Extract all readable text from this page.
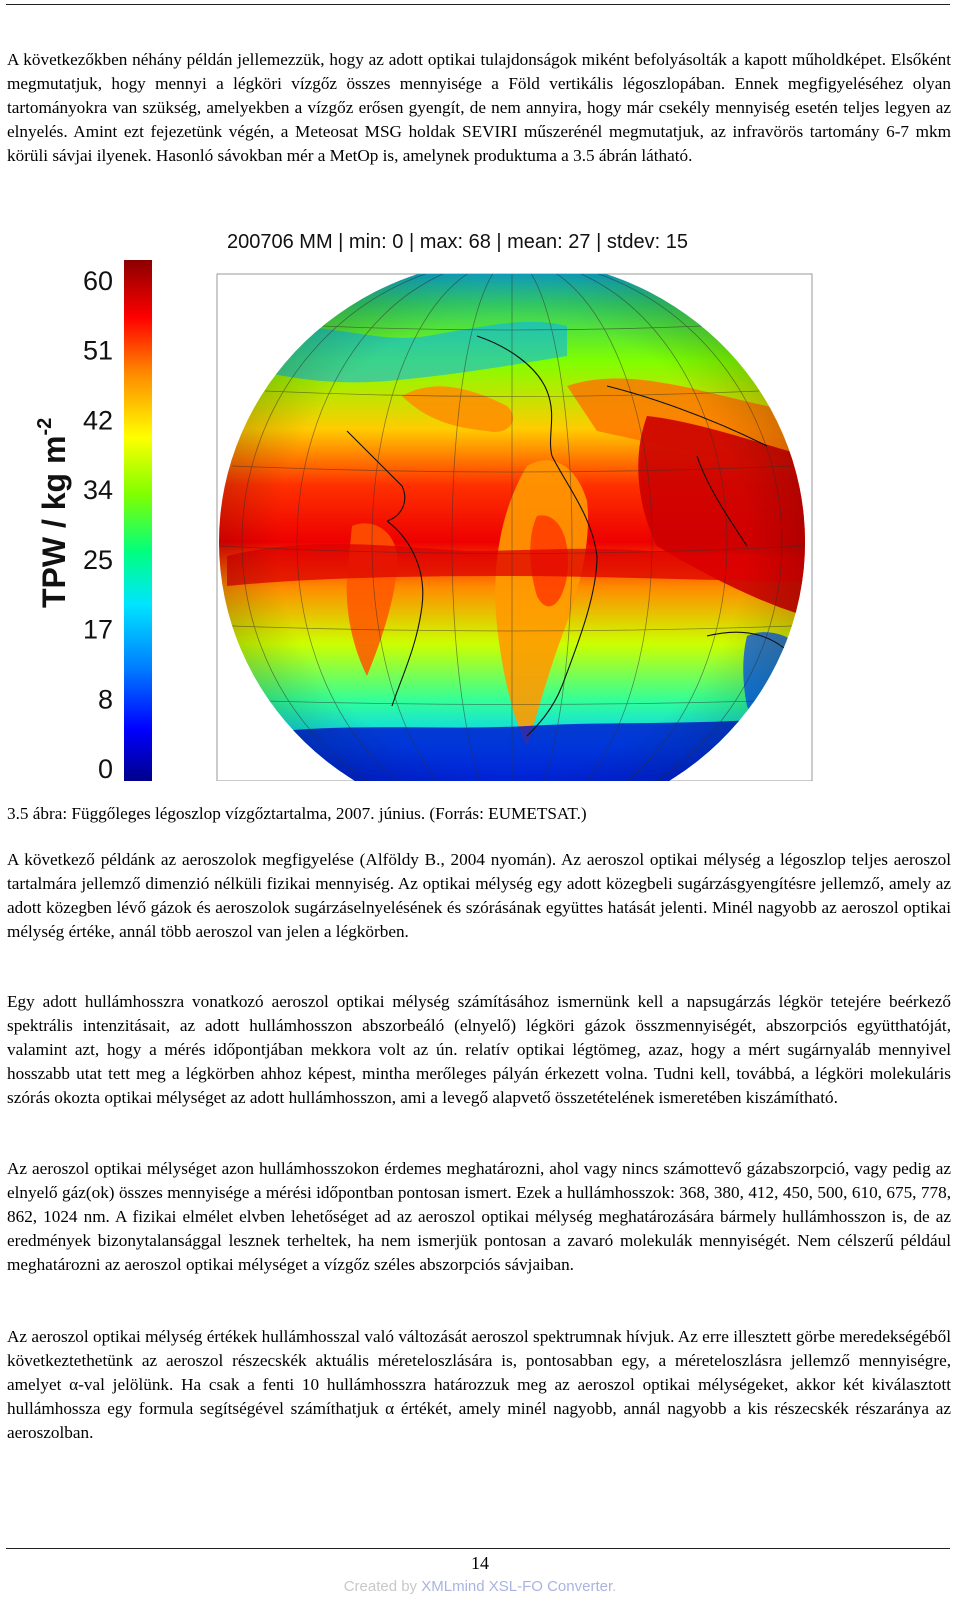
A következőkben néhány példán jellemezzük, hogy az adott optikai tulajdonságok miként befolyásolták a kapott műholdképet. Elsőként megmutatjuk, hogy mennyi a légköri vízgőz összes mennyisége a Föld vertikális légoszlopában. Ennek megfigyeléséhez olyan tartományokra van szükség, amelyekben a vízgőz erősen gyengít, de nem annyira, hogy már csekély mennyiség esetén teljes legyen az elnyelés. Amint ezt fejezetünk végén, a Meteosat MSG holdak SEVIRI műszerénél megmutatjuk, az infravörös tartomány 6-7 mkm körüli sávjai ilyenek. Hasonló sávokban mér a MetOp is, amelynek produktuma a 3.5 ábrán látható.

200706 MM | min: 0 | max: 68 | mean: 27 | stdev: 15
60
51
42
34
25
17
8
0
TPW / kg $m^{-2}$

3.5 ábra: Függőleges légoszlop vízgőztartalma, 2007. június. (Forrás: EUMETSAT.)

A következő példánk az aeroszolok megfigyelése (Alföldy B., 2004 nyomán). Az aeroszol optikai mélység a légoszlop teljes aeroszol tartalmára jellemző dimenzió nélküli fizikai mennyiség. Az optikai mélység egy adott közegbeli sugárzásgyengítésre jellemző, amely az adott közegben lévő gázok és aeroszolok sugárzáselnyelésének és szórásának együttes hatását jelenti. Minél nagyobb az aeroszol optikai mélység értéke, annál több aeroszol van jelen a légkörben.

Egy adott hullámhosszra vonatkozó aeroszol optikai mélység számításához ismernünk kell a napsugárzás légkör tetejére beérkező spektrális intenzitásait, az adott hullámhosszon abszorbeáló (elnyelő) légköri gázok összmennyiségét, abszorpciós együtthatóját, valamint azt, hogy a mérés időpontjában mekkora volt az ún. relatív optikai légtömeg, azaz, hogy a mért sugárnyaláb mennyivel hosszabb utat tett meg a légkörben ahhoz képest, mintha merőleges pályán érkezett volna. Tudni kell, továbbá, a légköri molekuláris szórás okozta optikai mélységet az adott hullámhosszon, ami a levegő alapvető összetételének ismeretében kiszámítható.

Az aeroszol optikai mélységet azon hullámhosszokon érdemes meghatározni, ahol vagy nincs számottevő gázabszorpció, vagy pedig az elnyelő gáz(ok) összes mennyisége a mérési időpontban pontosan ismert. Ezek a hullámhosszok: 368, 380, 412, 450, 500, 610, 675, 778, 862, 1024 nm. A fizikai elmélet elvben lehetőséget ad az aeroszol optikai mélység meghatározására bármely hullámhosszon is, de az eredmények bizonytalansággal lesznek terheltek, ha nem ismerjük pontosan a zavaró molekulák mennyiségét. Nem célszerű például meghatározni az aeroszol optikai mélységet a vízgőz széles abszorpciós sávjaiban.

Az aeroszol optikai mélység értékek hullámhosszal való változását aeroszol spektrumnak hívjuk. Az erre illesztett görbe meredekségéből következtethetünk az aeroszol részecskék aktuális méreteloszlására is, pontosabban egy, a méreteloszlásra jellemző mennyiségre, amelyet α-val jelölünk. Ha csak a fenti 10 hullámhosszra határozzuk meg az aeroszol optikai mélységeket, akkor két kiválasztott hullámhossza egy formula segítségével számíthatjuk α értékét, amely minél nagyobb, annál nagyobb a kis részecskék részaránya az aeroszolban.

14
Created by XMLmind XSL-FO Converter.
